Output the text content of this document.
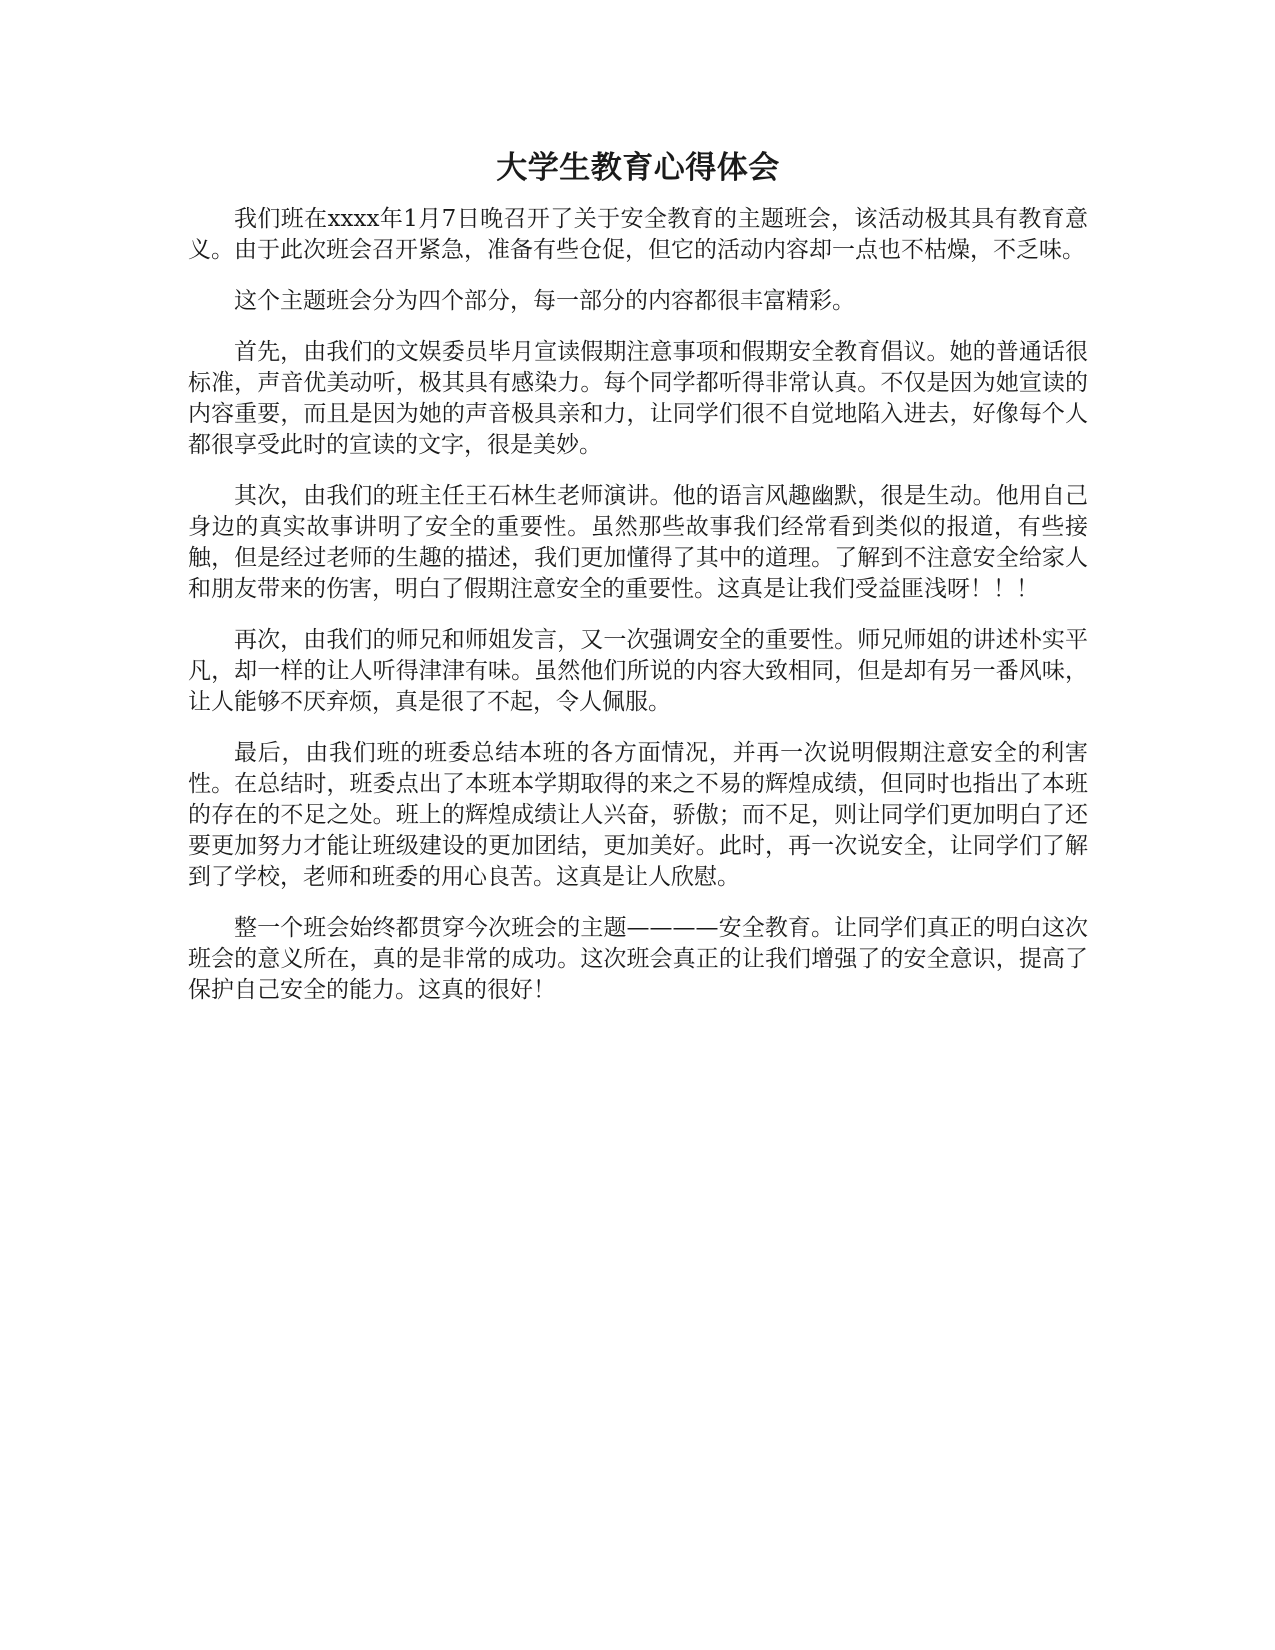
大学生教育心得体会

我们班在xxxx年1月7日晚召开了关于安全教育的主题班会，该活动极其具有教育意义。由于此次班会召开紧急，准备有些仓促，但它的活动内容却一点也不枯燥，不乏味。

这个主题班会分为四个部分，每一部分的内容都很丰富精彩。

首先，由我们的文娱委员毕月宣读假期注意事项和假期安全教育倡议。她的普通话很标准，声音优美动听，极其具有感染力。每个同学都听得非常认真。不仅是因为她宣读的内容重要，而且是因为她的声音极具亲和力，让同学们很不自觉地陷入进去，好像每个人都很享受此时的宣读的文字，很是美妙。

其次，由我们的班主任王石林生老师演讲。他的语言风趣幽默，很是生动。他用自己身边的真实故事讲明了安全的重要性。虽然那些故事我们经常看到类似的报道，有些接触，但是经过老师的生趣的描述，我们更加懂得了其中的道理。了解到不注意安全给家人和朋友带来的伤害，明白了假期注意安全的重要性。这真是让我们受益匪浅呀！！！

再次，由我们的师兄和师姐发言，又一次强调安全的重要性。师兄师姐的讲述朴实平凡，却一样的让人听得津津有味。虽然他们所说的内容大致相同，但是却有另一番风味，让人能够不厌弃烦，真是很了不起，令人佩服。

最后，由我们班的班委总结本班的各方面情况，并再一次说明假期注意安全的利害性。在总结时，班委点出了本班本学期取得的来之不易的辉煌成绩，但同时也指出了本班的存在的不足之处。班上的辉煌成绩让人兴奋，骄傲；而不足，则让同学们更加明白了还要更加努力才能让班级建设的更加团结，更加美好。此时，再一次说安全，让同学们了解到了学校，老师和班委的用心良苦。这真是让人欣慰。

整一个班会始终都贯穿今次班会的主题————安全教育。让同学们真正的明白这次班会的意义所在，真的是非常的成功。这次班会真正的让我们增强了的安全意识，提高了保护自己安全的能力。这真的很好！
